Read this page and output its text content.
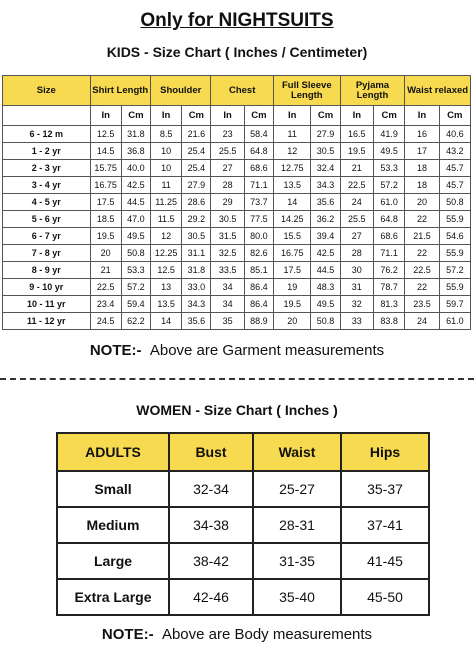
Only for NIGHTSUITS
KIDS - Size Chart ( Inches / Centimeter)
Size	Shirt Length		Shoulder		Chest		Full Sleeve Length		Pyjama Length		Waist relaxed	
	In	Cm	In	Cm	In	Cm	In	Cm	In	Cm	In	Cm
6 - 12 m	12.5	31.8	8.5	21.6	23	58.4	11	27.9	16.5	41.9	16	40.6
1 - 2 yr	14.5	36.8	10	25.4	25.5	64.8	12	30.5	19.5	49.5	17	43.2
2 - 3 yr	15.75	40.0	10	25.4	27	68.6	12.75	32.4	21	53.3	18	45.7
3 - 4 yr	16.75	42.5	11	27.9	28	71.1	13.5	34.3	22.5	57.2	18	45.7
4 - 5 yr	17.5	44.5	11.25	28.6	29	73.7	14	35.6	24	61.0	20	50.8
5 - 6 yr	18.5	47.0	11.5	29.2	30.5	77.5	14.25	36.2	25.5	64.8	22	55.9
6 - 7 yr	19.5	49.5	12	30.5	31.5	80.0	15.5	39.4	27	68.6	21.5	54.6
7 - 8 yr	20	50.8	12.25	31.1	32.5	82.6	16.75	42.5	28	71.1	22	55.9
8 - 9 yr	21	53.3	12.5	31.8	33.5	85.1	17.5	44.5	30	76.2	22.5	57.2
9 - 10 yr	22.5	57.2	13	33.0	34	86.4	19	48.3	31	78.7	22	55.9
10 - 11 yr	23.4	59.4	13.5	34.3	34	86.4	19.5	49.5	32	81.3	23.5	59.7
11 - 12 yr	24.5	62.2	14	35.6	35	88.9	20	50.8	33	83.8	24	61.0
NOTE:- Above are Garment measurements
WOMEN - Size Chart ( Inches )
ADULTS	Bust	Waist	Hips
Small	32-34	25-27	35-37
Medium	34-38	28-31	37-41
Large	38-42	31-35	41-45
Extra Large	42-46	35-40	45-50
NOTE:- Above are Body measurements
